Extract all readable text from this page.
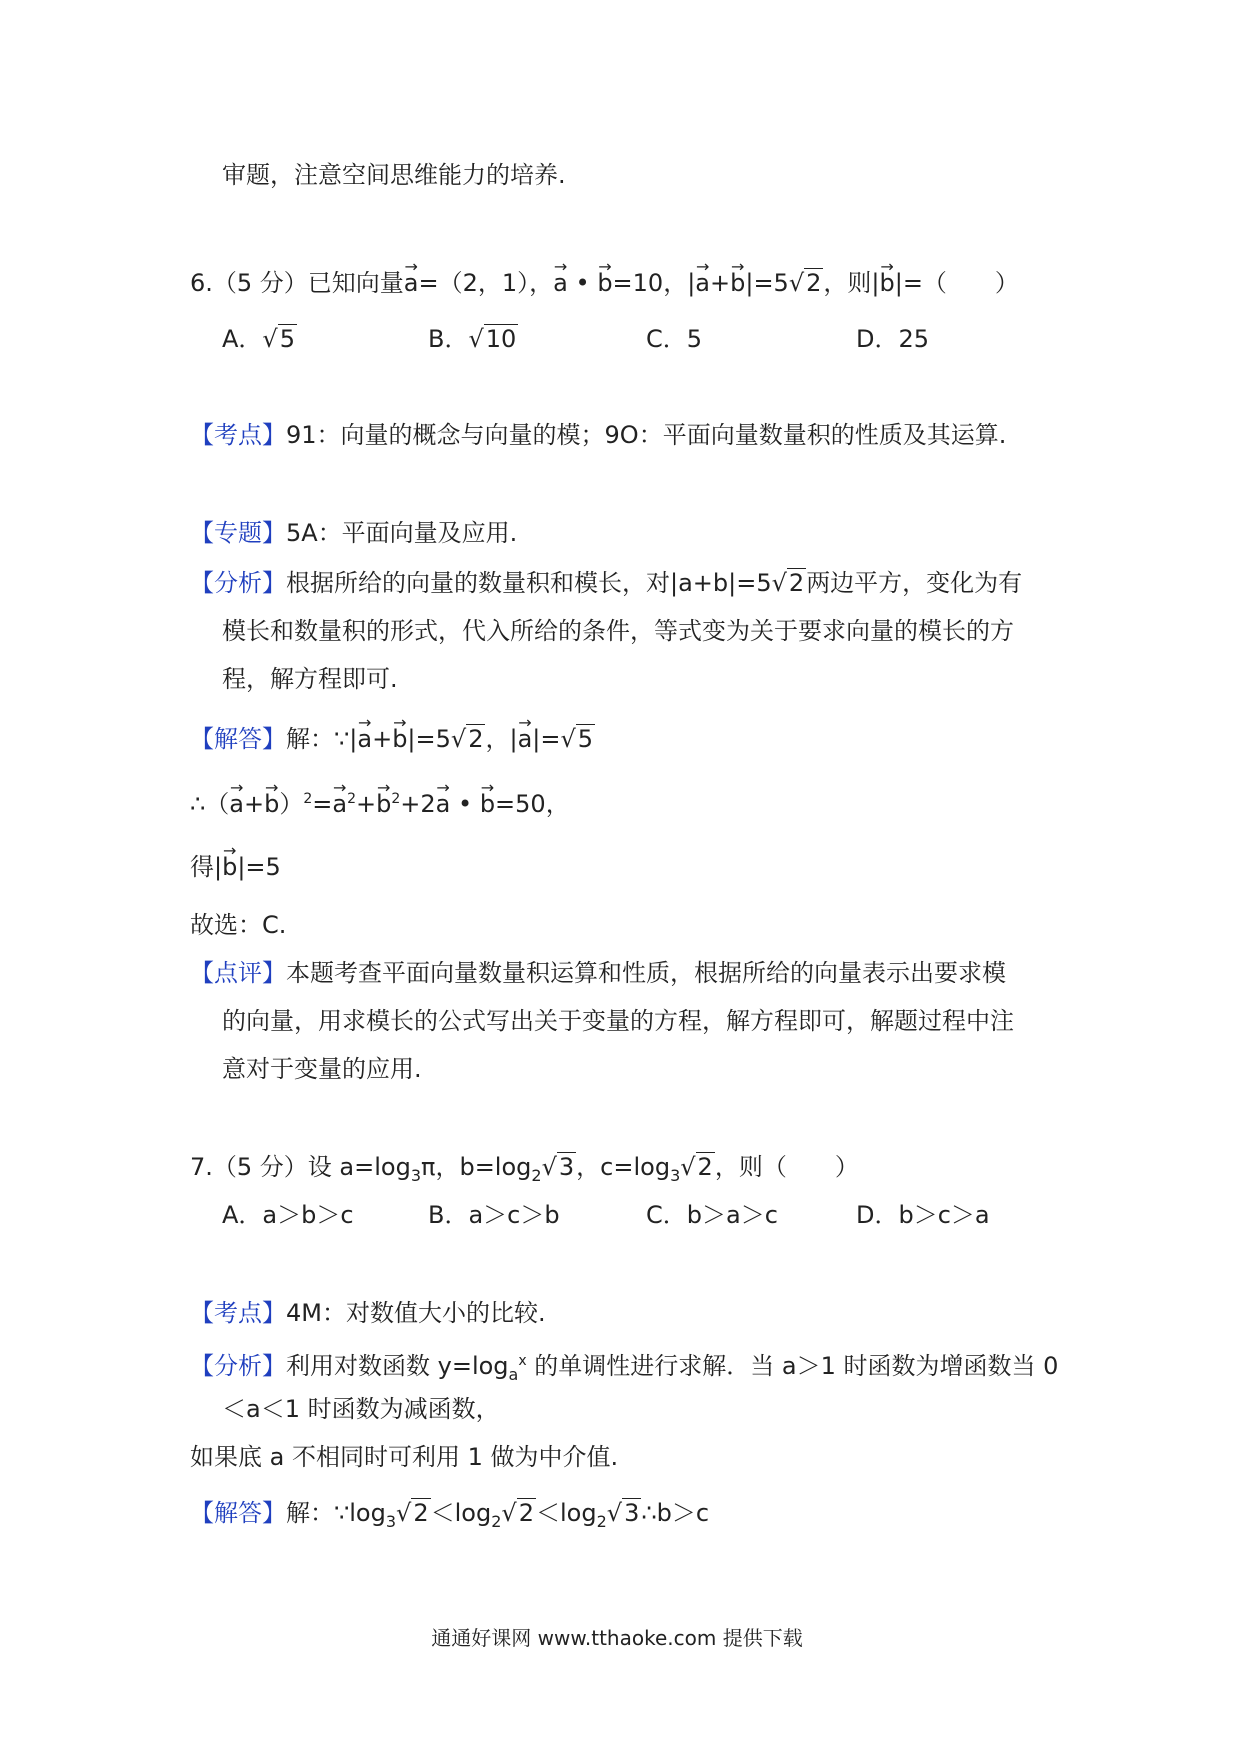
审题，注意空间思维能力的培养.
6.（5 分）已知向量→ a=（2，1），→ a • → b=10，|→ a+→ b|=5√2，则|→ b|=（　　）
A．√5	B．√10	C．5	D．25
【考点】91：向量的概念与向量的模；9O：平面向量数量积的性质及其运算.
【专题】5A：平面向量及应用.
【分析】根据所给的向量的数量积和模长，对|a+b|=5√2两边平方，变化为有
模长和数量积的形式，代入所给的条件，等式变为关于要求向量的模长的方
程，解方程即可.
【解答】解：∵|→ a+→ b|=5√2，|→ a|=√5
∴（→ $a+\to b)^2=\to a^2+\to b^2+2\to a$ • → b=50，
得|→ b|=5
故选：C.
【点评】本题考查平面向量数量积运算和性质，根据所给的向量表示出要求模
的向量，用求模长的公式写出关于变量的方程，解方程即可，解题过程中注
意对于变量的应用.
7.（5 分）设 $a=\log_3\pi$，$b=\log_2√3$，$c=\log_3√2$，则（　　）
A．a＞b＞c	B．a＞c＞b	C．b＞a＞c	D．b＞c＞a
【考点】4M：对数值大小的比较.
【分析】利用对数函数 $y=\log_a^x$ 的单调性进行求解．当 a＞1 时函数为增函数当 0
＜a＜1 时函数为减函数，
如果底 a 不相同时可利用 1 做为中介值.
【解答】解：$\because\log_3√2<\log_2√2<\log_2√3\therefore b>c$
通通好课网 www.tthaoke.com 提供下载
